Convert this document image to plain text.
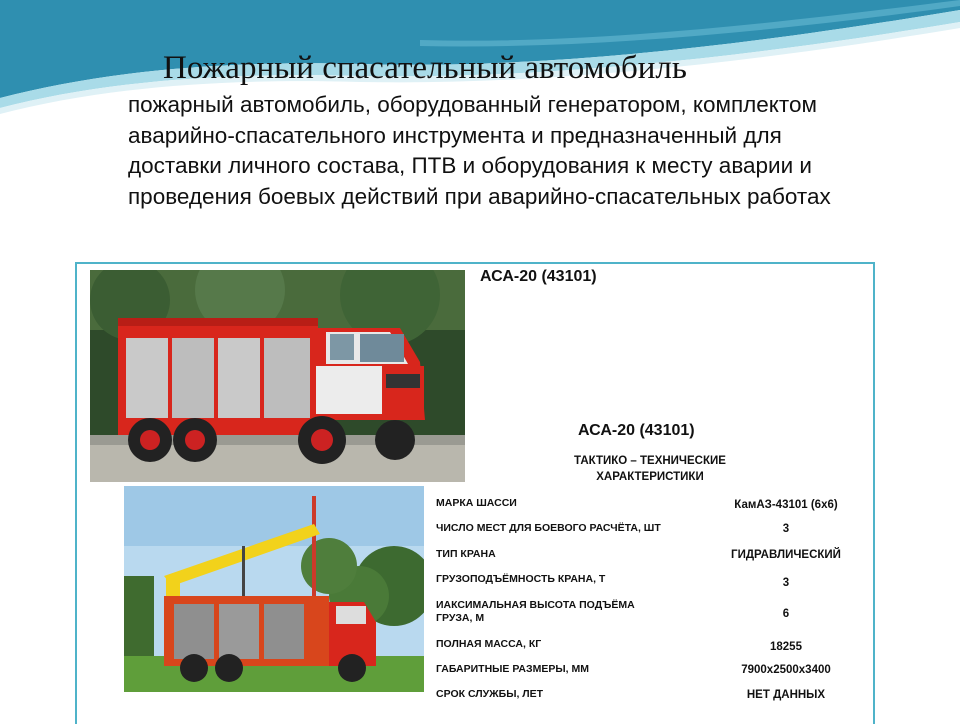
Пожарный спасательный автомобиль
пожарный автомобиль, оборудованный генератором, комплектом аварийно-спасательного инструмента и предназначенный для доставки личного состава, ПТВ и оборудования к месту аварии и проведения боевых действий при аварийно-спасательных работах
АСА-20 (43101)
АСА-20 (43101)
ТАКТИКО – ТЕХНИЧЕСКИЕ
ХАРАКТЕРИСТИКИ
МАРКА ШАССИ	КамАЗ-43101 (6х6)
ЧИСЛО МЕСТ ДЛЯ БОЕВОГО РАСЧЁТА, ШТ	3
ТИП КРАНА	ГИДРАВЛИЧЕСКИЙ
ГРУЗОПОДЪЁМНОСТЬ КРАНА, Т	3
ИАКСИМАЛЬНАЯ ВЫСОТА ПОДЪЁМА ГРУЗА, М	6
ПОЛНАЯ МАССА, КГ	18255
ГАБАРИТНЫЕ РАЗМЕРЫ, ММ	7900х2500х3400
СРОК СЛУЖБЫ, ЛЕТ	НЕТ ДАННЫХ
